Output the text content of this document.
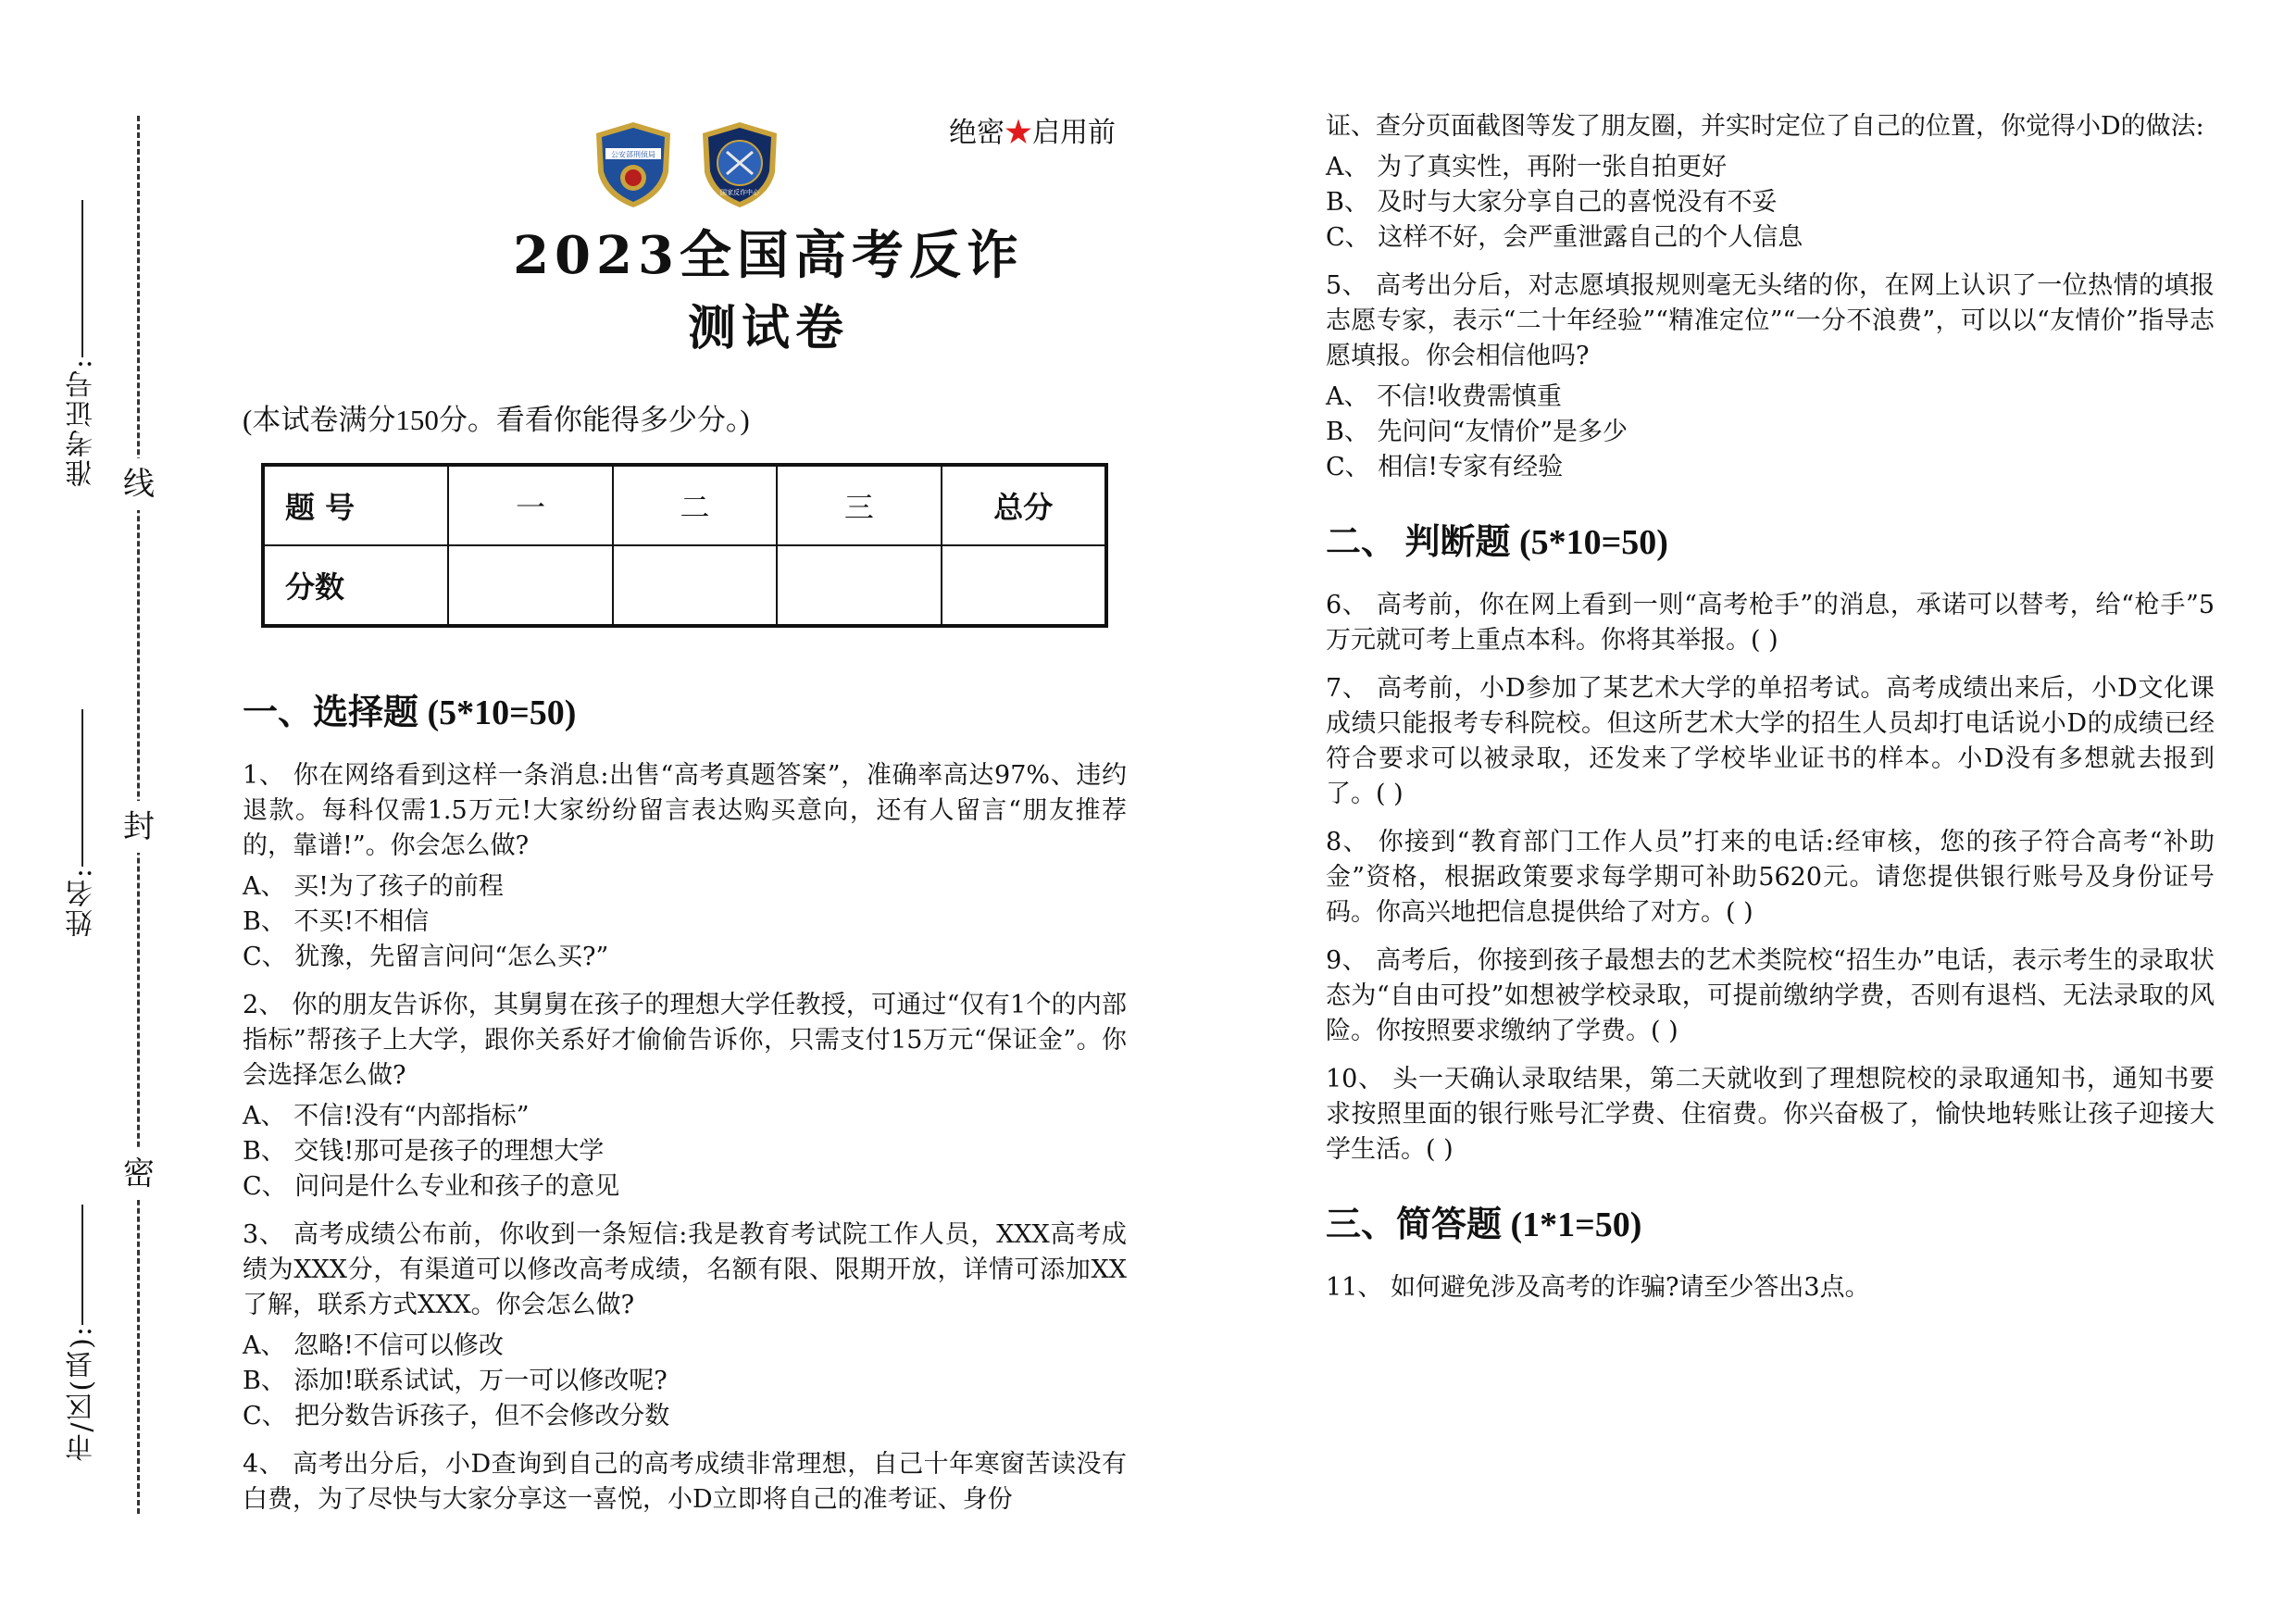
准考证号:
姓名:
市/区(县):
线
封
密
绝密★启用前
公安部刑侦局
国家反诈中心
2023全国高考反诈
测试卷
(本试卷满分150分。看看你能得多少分。)
题 号	一	二	三	总分
分数				
一、选择题 (5*10=50)

1、 你在网络看到这样一条消息:出售“高考真题答案”，准确率高达97%、违约退款。每科仅需1.5万元!大家纷纷留言表达购买意向，还有人留言“朋友推荐的，靠谱!”。你会怎么做?

A、 买!为了孩子的前程

B、 不买!不相信

C、 犹豫，先留言问问“怎么买?”

2、 你的朋友告诉你，其舅舅在孩子的理想大学任教授，可通过“仅有1个的内部指标”帮孩子上大学，跟你关系好才偷偷告诉你，只需支付15万元“保证金”。你会选择怎么做?

A、 不信!没有“内部指标”

B、 交钱!那可是孩子的理想大学

C、 问问是什么专业和孩子的意见

3、 高考成绩公布前，你收到一条短信:我是教育考试院工作人员，XXX高考成绩为XXX分，有渠道可以修改高考成绩，名额有限、限期开放，详情可添加XX了解，联系方式XXX。你会怎么做?

A、 忽略!不信可以修改

B、 添加!联系试试，万一可以修改呢?

C、 把分数告诉孩子，但不会修改分数

4、 高考出分后，小D查询到自己的高考成绩非常理想，自己十年寒窗苦读没有白费，为了尽快与大家分享这一喜悦，小D立即将自己的准考证、身份

证、查分页面截图等发了朋友圈，并实时定位了自己的位置，你觉得小D的做法:

A、 为了真实性，再附一张自拍更好

B、 及时与大家分享自己的喜悦没有不妥

C、 这样不好，会严重泄露自己的个人信息

5、 高考出分后，对志愿填报规则毫无头绪的你，在网上认识了一位热情的填报志愿专家，表示“二十年经验”“精准定位”“一分不浪费”，可以以“友情价”指导志愿填报。你会相信他吗?

A、 不信!收费需慎重

B、 先问问“友情价”是多少

C、 相信!专家有经验

二、 判断题 (5*10=50)

6、 高考前，你在网上看到一则“高考枪手”的消息，承诺可以替考，给“枪手”5万元就可考上重点本科。你将其举报。( )

7、 高考前，小D参加了某艺术大学的单招考试。高考成绩出来后，小D文化课成绩只能报考专科院校。但这所艺术大学的招生人员却打电话说小D的成绩已经符合要求可以被录取，还发来了学校毕业证书的样本。小D没有多想就去报到了。( )

8、 你接到“教育部门工作人员”打来的电话:经审核，您的孩子符合高考“补助金”资格，根据政策要求每学期可补助5620元。请您提供银行账号及身份证号码。你高兴地把信息提供给了对方。( )

9、 高考后，你接到孩子最想去的艺术类院校“招生办”电话，表示考生的录取状态为“自由可投”如想被学校录取，可提前缴纳学费，否则有退档、无法录取的风险。你按照要求缴纳了学费。( )

10、 头一天确认录取结果，第二天就收到了理想院校的录取通知书，通知书要求按照里面的银行账号汇学费、住宿费。你兴奋极了，愉快地转账让孩子迎接大学生活。( )

三、简答题 (1*1=50)

11、 如何避免涉及高考的诈骗?请至少答出3点。
